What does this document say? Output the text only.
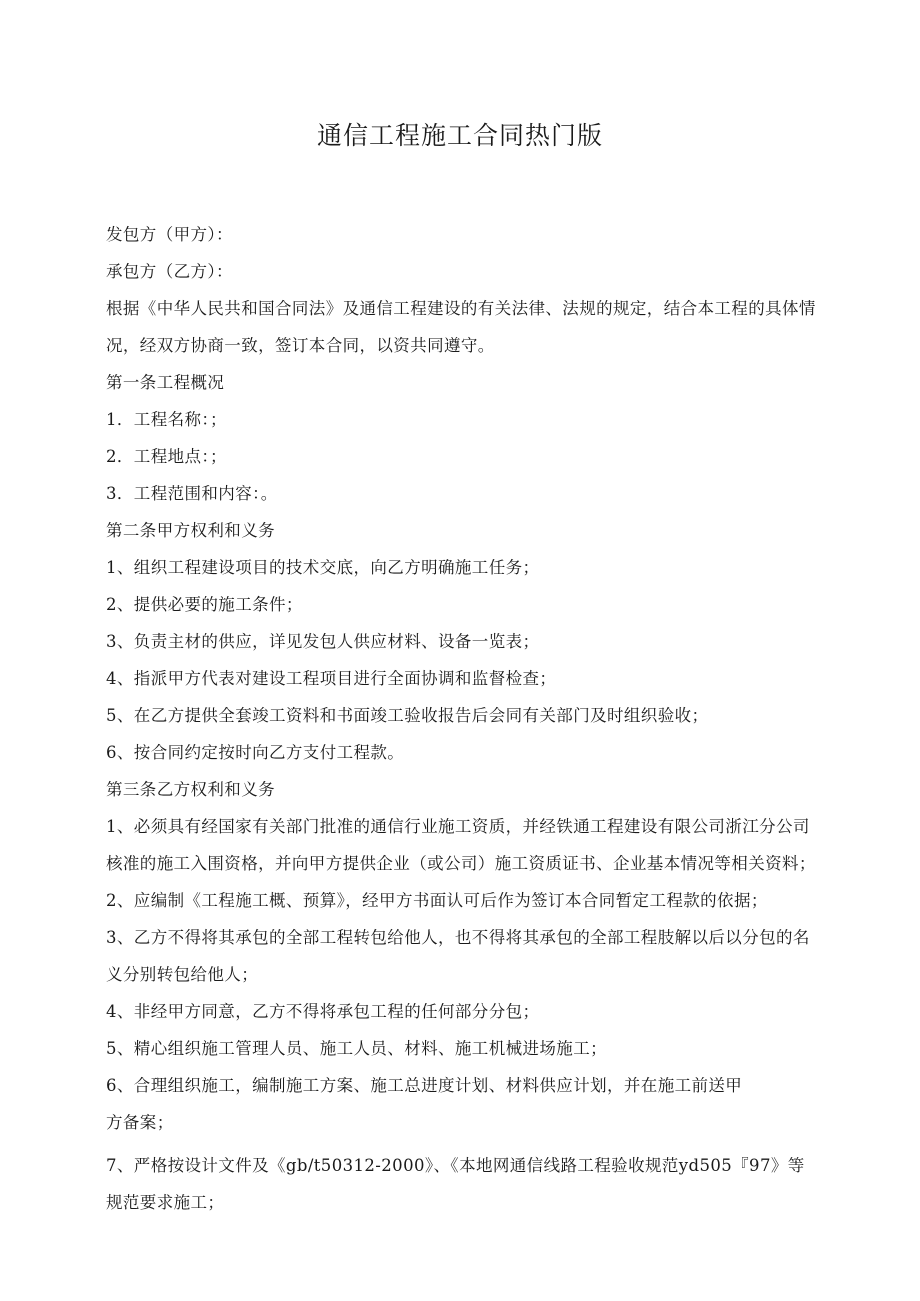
通信工程施工合同热门版
发包方（甲方）：
承包方（乙方）：
根据《中华人民共和国合同法》及通信工程建设的有关法律、法规的规定，结合本工程的具体情
况，经双方协商一致，签订本合同，以资共同遵守。
第一条工程概况
1．工程名称：；
2．工程地点：；
3．工程范围和内容：。
第二条甲方权利和义务
1、组织工程建设项目的技术交底，向乙方明确施工任务；
2、提供必要的施工条件；
3、负责主材的供应，详见发包人供应材料、设备一览表；
4、指派甲方代表对建设工程项目进行全面协调和监督检查；
5、在乙方提供全套竣工资料和书面竣工验收报告后会同有关部门及时组织验收；
6、按合同约定按时向乙方支付工程款。
第三条乙方权利和义务
1、必须具有经国家有关部门批准的通信行业施工资质，并经铁通工程建设有限公司浙江分公司
核准的施工入围资格，并向甲方提供企业（或公司）施工资质证书、企业基本情况等相关资料；
2、应编制《工程施工概、预算》，经甲方书面认可后作为签订本合同暂定工程款的依据；
3、乙方不得将其承包的全部工程转包给他人，也不得将其承包的全部工程肢解以后以分包的名
义分别转包给他人；
4、非经甲方同意，乙方不得将承包工程的任何部分分包；
5、精心组织施工管理人员、施工人员、材料、施工机械进场施工；
6、合理组织施工，编制施工方案、施工总进度计划、材料供应计划，并在施工前送甲
方备案；
7、严格按设计文件及《gb/t50312-2000》、《本地网通信线路工程验收规范yd505『97》等
规范要求施工；
